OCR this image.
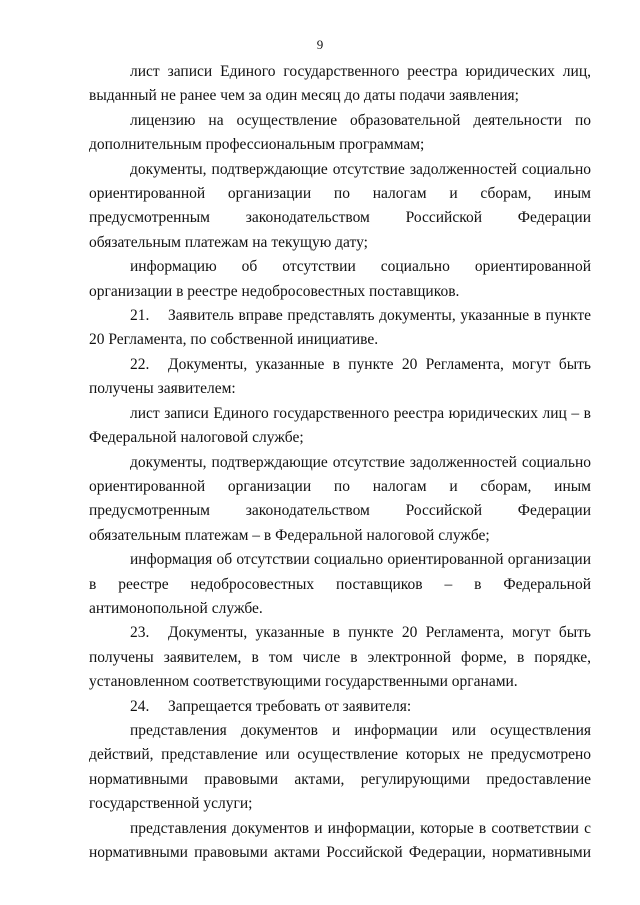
9

лист записи Единого государственного реестра юридических лиц, выданный не ранее чем за один месяц до даты подачи заявления;

лицензию на осуществление образовательной деятельности по дополнительным профессиональным программам;

документы, подтверждающие отсутствие задолженностей социально ориентированной организации по налогам и сборам, иным предусмотренным законодательством Российской Федерации обязательным платежам на текущую дату;

информацию об отсутствии социально ориентированной организации в реестре недобросовестных поставщиков.

21. Заявитель вправе представлять документы, указанные в пункте 20 Регламента, по собственной инициативе.

22. Документы, указанные в пункте 20 Регламента, могут быть получены заявителем:

лист записи Единого государственного реестра юридических лиц – в Федеральной налоговой службе;

документы, подтверждающие отсутствие задолженностей социально ориентированной организации по налогам и сборам, иным предусмотренным законодательством Российской Федерации обязательным платежам – в Федеральной налоговой службе;

информация об отсутствии социально ориентированной организации в реестре недобросовестных поставщиков – в Федеральной антимонопольной службе.

23. Документы, указанные в пункте 20 Регламента, могут быть получены заявителем, в том числе в электронной форме, в порядке, установленном соответствующими государственными органами.

24. Запрещается требовать от заявителя:

представления документов и информации или осуществления действий, представление или осуществление которых не предусмотрено нормативными правовыми актами, регулирующими предоставление государственной услуги;

представления документов и информации, которые в соответствии с нормативными правовыми актами Российской Федерации, нормативными
